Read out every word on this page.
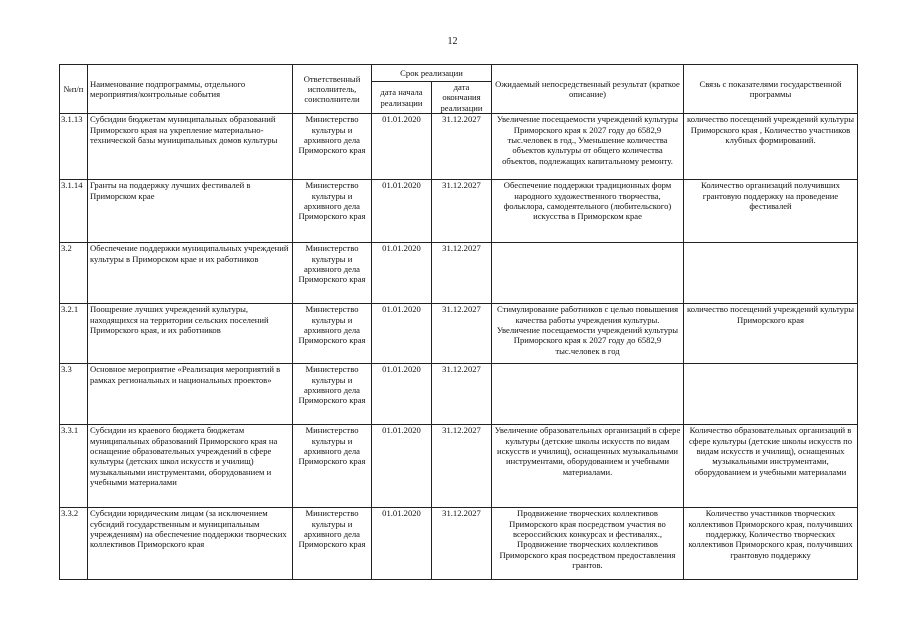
12
№п/п	Наименование подпрограммы, отдельного мероприятия/контрольные события	Ответственный исполнитель, соисполнители	Срок реализации		Ожидаемый непосредственный результат (краткое описание)	Связь с показателями государственной программы
			дата начала реализации	дата окончания реализации		
3.1.13	Субсидии бюджетам муниципальных образований Приморского края на укрепление материально-технической базы муниципальных домов культуры	Министерство культуры и архивного дела Приморского края	01.01.2020	31.12.2027	Увеличение посещаемости учреждений культуры Приморского края к 2027 году до 6582,9 тыс.человек в год., Уменьшение количества объектов культуры от общего количества объектов, подлежащих капитальному ремонту.	количество посещений учреждений культуры Приморского края , Количество участников клубных формирований.
3.1.14	Гранты на поддержку лучших фестивалей в Приморском крае	Министерство культуры и архивного дела Приморского края	01.01.2020	31.12.2027	Обеспечение поддержки традиционных форм народного художественного творчества, фольклора, самодеятельного (любительского) искусства в Приморском крае	Количество организаций получивших грантовую поддержку на проведение фестивалей
3.2	Обеспечение поддержки муниципальных учреждений культуры в Приморском крае и их работников	Министерство культуры и архивного дела Приморского края	01.01.2020	31.12.2027		
3.2.1	Поощрение лучших учреждений культуры, находящихся на территории сельских поселений Приморского края, и их работников	Министерство культуры и архивного дела Приморского края	01.01.2020	31.12.2027	Стимулирование работников с целью повышения качества работы учреждения культуры. Увеличение посещаемости учреждений культуры Приморского края к 2027 году до 6582,9 тыс.человек в год	количество посещений учреждений культуры Приморского края
3.3	Основное мероприятие «Реализация мероприятий в рамках региональных и национальных проектов»	Министерство культуры и архивного дела Приморского края	01.01.2020	31.12.2027		
3.3.1	Субсидии из краевого бюджета бюджетам муниципальных образований Приморского края на оснащение образовательных учреждений в сфере культуры (детских школ искусств и училищ) музыкальными инструментами, оборудованием и учебными материалами	Министерство культуры и архивного дела Приморского края	01.01.2020	31.12.2027	Увеличение образовательных организаций в сфере культуры (детские школы искусств по видам искусств и училищ), оснащенных музыкальными инструментами, оборудованием и учебными материалами.	Количество образовательных организаций в сфере культуры (детские школы искусств по видам искусств и училищ), оснащенных музыкальными инструментами, оборудованием и учебными материалами
3.3.2	Субсидии юридическим лицам (за исключением субсидий государственным и муниципальным учреждениям) на обеспечение поддержки творческих коллективов Приморского края	Министерство культуры и архивного дела Приморского края	01.01.2020	31.12.2027	Продвижение творческих коллективов Приморского края посредством участия во всероссийских конкурсах и фестивалях., Продвижение творческих коллективов Приморского края посредством предоставления грантов.	Количество участников творческих коллективов Приморского края, получивших поддержку, Количество творческих коллективов Приморского края, получивших грантовую поддержку
